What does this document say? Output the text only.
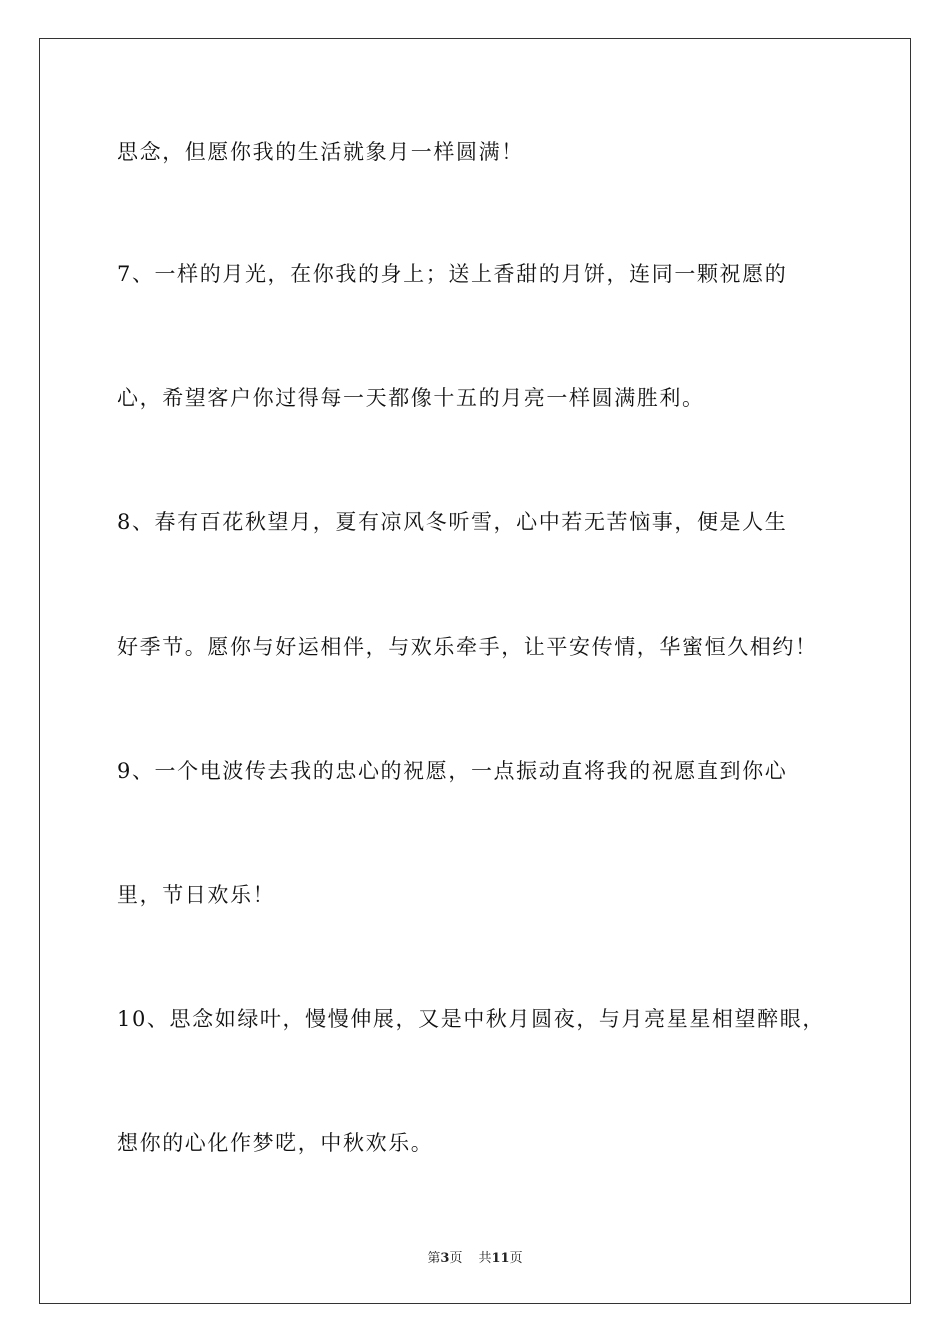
思念，但愿你我的生活就象月一样圆满！
7、一样的月光，在你我的身上；送上香甜的月饼，连同一颗祝愿的
心，希望客户你过得每一天都像十五的月亮一样圆满胜利。
8、春有百花秋望月，夏有凉风冬听雪，心中若无苦恼事，便是人生
好季节。愿你与好运相伴，与欢乐牵手，让平安传情，华蜜恒久相约！
9、一个电波传去我的忠心的祝愿，一点振动直将我的祝愿直到你心
里，节日欢乐！
10、思念如绿叶，慢慢伸展，又是中秋月圆夜，与月亮星星相望醉眼，
想你的心化作梦呓，中秋欢乐。
第3页 共11页
